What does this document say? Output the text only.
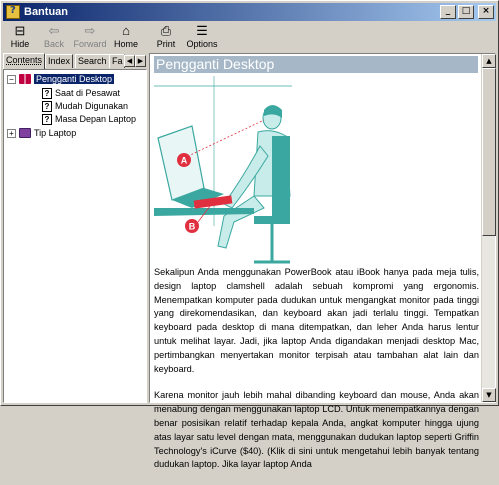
?
Bantuan	_	□	×
⊟
Hide
⇦
Back
⇨
Forward
⌂
Home
⎙
Print
☰
Options
Contents Index Search Fa ◀ ▶
− Pengganti Desktop
? Saat di Pesawat
? Mudah Digunakan
? Masa Depan Laptop
+ Tip Laptop
Pengganti Desktop
A
B

Sekalipun Anda menggunakan PowerBook atau iBook hanya pada meja tulis, design laptop clamshell adalah sebuah kompromi yang ergonomis. Menempatkan komputer pada dudukan untuk mengangkat monitor pada tinggi yang direkomendasikan, dan keyboard akan jadi terlalu tinggi. Tempatkan keyboard pada desktop di mana ditempatkan, dan leher Anda harus lentur untuk melihat layar. Jadi, jika laptop Anda digandakan menjadi desktop Mac, pertimbangkan menyertakan monitor terpisah atau tambahan alat lain dan keyboard.

Karena monitor jauh lebih mahal dibanding keyboard dan mouse, Anda akan menabung dengan menggunakan laptop LCD. Untuk menempatkannya dengan benar posisikan relatif terhadap kepala Anda, angkat komputer hingga ujung atas layar satu level dengan mata, menggunakan dudukan laptop seperti Griffin Technology's iCurve ($40). (Klik di sini untuk mengetahui lebih banyak tentang dudukan laptop. Jika layar laptop Anda

▲
▼
